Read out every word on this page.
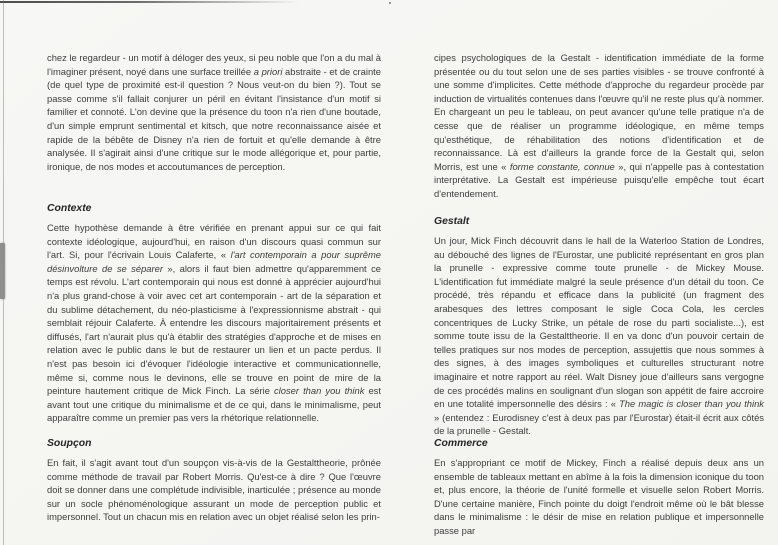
chez le regardeur - un motif à déloger des yeux, si peu noble que l'on a du mal à l'imaginer présent, noyé dans une surface treillée a priori abstraite - et de crainte (de quel type de proximité est-il question ? Nous veut-on du bien ?). Tout se passe comme s'il fallait conjurer un péril en évitant l'insistance d'un motif si familier et connoté. L'on devine que la présence du toon n'a rien d'une boutade, d'un simple emprunt sentimental et kitsch, que notre reconnaissance aisée et rapide de la bébête de Disney n'a rien de fortuit et qu'elle demande à être analysée. Il s'agirait ainsi d'une critique sur le mode allégorique et, pour partie, ironique, de nos modes et accoutumances de perception.

Contexte

Cette hypothèse demande à être vérifiée en prenant appui sur ce qui fait contexte idéologique, aujourd'hui, en raison d'un discours quasi commun sur l'art. Si, pour l'écrivain Louis Calaferte, « l'art contemporain a pour suprême désinvolture de se séparer », alors il faut bien admettre qu'apparemment ce temps est révolu. L'art contemporain qui nous est donné à apprécier aujourd'hui n'a plus grand-chose à voir avec cet art contemporain - art de la séparation et du sublime détachement, du néo-plasticisme à l'expressionnisme abstrait - qui semblait réjouir Calaferte. À entendre les discours majoritairement présents et diffusés, l'art n'aurait plus qu'à établir des stratégies d'approche et de mises en relation avec le public dans le but de restaurer un lien et un pacte perdus. Il n'est pas besoin ici d'évoquer l'idéologie interactive et communicationnelle, même si, comme nous le devinons, elle se trouve en point de mire de la peinture hautement critique de Mick Finch. La série closer than you think est avant tout une critique du minimalisme et de ce qui, dans le minimalisme, peut apparaître comme un premier pas vers la rhétorique relationnelle.

Soupçon

En fait, il s'agit avant tout d'un soupçon vis-à-vis de la Gestalttheorie, prônée comme méthode de travail par Robert Morris. Qu'est-ce à dire ? Que l'œuvre doit se donner dans une complétude indivisible, inarticulée ; présence au monde sur un socle phénoménologique assurant un mode de perception public et impersonnel. Tout un chacun mis en relation avec un objet réalisé selon les prin-

cipes psychologiques de la Gestalt - identification immédiate de la forme présentée ou du tout selon une de ses parties visibles - se trouve confronté à une somme d'implicites. Cette méthode d'approche du regardeur procède par induction de virtualités contenues dans l'œuvre qu'il ne reste plus qu'à nommer. En chargeant un peu le tableau, on peut avancer qu'une telle pratique n'a de cesse que de réaliser un programme idéologique, en même temps qu'esthétique, de réhabilitation des notions d'identification et de reconnaissance. Là est d'ailleurs la grande force de la Gestalt qui, selon Morris, est une « forme constante, connue », qui n'appelle pas à contestation interprétative. La Gestalt est impérieuse puisqu'elle empêche tout écart d'entendement.

Gestalt

Un jour, Mick Finch découvrit dans le hall de la Waterloo Station de Londres, au débouché des lignes de l'Eurostar, une publicité représentant en gros plan la prunelle - expressive comme toute prunelle - de Mickey Mouse. L'identification fut immédiate malgré la seule présence d'un détail du toon. Ce procédé, très répandu et efficace dans la publicité (un fragment des arabesques des lettres composant le sigle Coca Cola, les cercles concentriques de Lucky Strike, un pétale de rose du parti socialiste...), est somme toute issu de la Gestalttheorie. Il en va donc d'un pouvoir certain de telles pratiques sur nos modes de perception, assujettis que nous sommes à des signes, à des images symboliques et culturelles structurant notre imaginaire et notre rapport au réel. Walt Disney joue d'ailleurs sans vergogne de ces procédés malins en soulignant d'un slogan son appétit de faire accroire en une totalité impersonnelle des désirs : « The magic is closer than you think » (entendez : Eurodisney c'est à deux pas par l'Eurostar) était-il écrit aux côtés de la prunelle - Gestalt.

Commerce

En s'appropriant ce motif de Mickey, Finch a réalisé depuis deux ans un ensemble de tableaux mettant en abîme à la fois la dimension iconique du toon et, plus encore, la théorie de l'unité formelle et visuelle selon Robert Morris. D'une certaine manière, Finch pointe du doigt l'endroit même où le bât blesse dans le minimalisme : le désir de mise en relation publique et impersonnelle passe par
